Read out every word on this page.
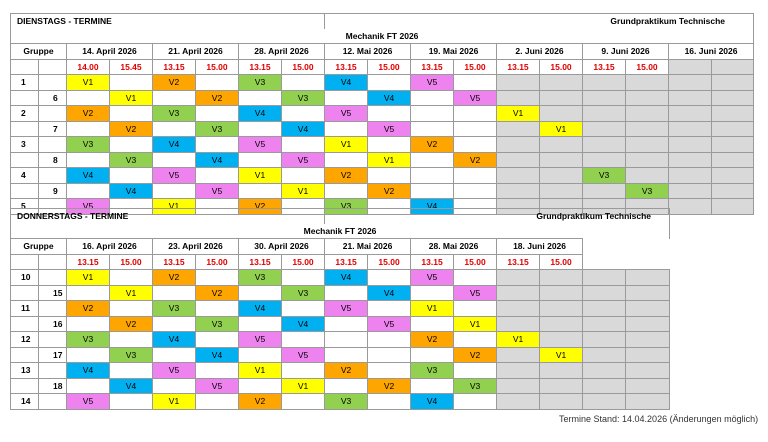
DIENSTAGS - TERMINE								Grundpraktikum Technische									
Mechanik FT 2026																	
Gruppe		14. April 2026		21. April 2026		28. April 2026		12. Mai 2026		19. Mai 2026		2. Juni 2026		9. Juni 2026		16. Juni 2026	
		14.00	15.45	13.15	15.00	13.15	15.00	13.15	15.00	13.15	15.00	13.15	15.00	13.15	15.00		
1		V1		V2		V3		V4		V5							
	6		V1		V2		V3		V4		V5						
2		V2		V3		V4		V5				V1					
	7		V2		V3		V4		V5				V1				
3		V3		V4		V5		V1		V2							
	8		V3		V4		V5		V1		V2						
4		V4		V5		V1		V2						V3			
	9		V4		V5		V1		V2						V3		
5		V5		V1		V2		V3		V4							
DONNERSTAGS - TERMINE								Grundpraktikum Technische							
Mechanik FT 2026															
Gruppe		16. April 2026		23. April 2026		30. April 2026		21. Mai 2026		28. Mai 2026		18. Juni 2026			
		13.15	15.00	13.15	15.00	13.15	15.00	13.15	15.00	13.15	15.00	13.15	15.00		
10		V1		V2		V3		V4		V5					
	15		V1		V2		V3		V4		V5				
11		V2		V3		V4		V5		V1					
	16		V2		V3		V4		V5		V1				
12		V3		V4		V5				V2		V1			
	17		V3		V4		V5				V2		V1		
13		V4		V5		V1		V2		V3					
	18		V4		V5		V1		V2		V3				
14		V5		V1		V2		V3		V4					
Termine Stand: 14.04.2026 (Änderungen möglich)
